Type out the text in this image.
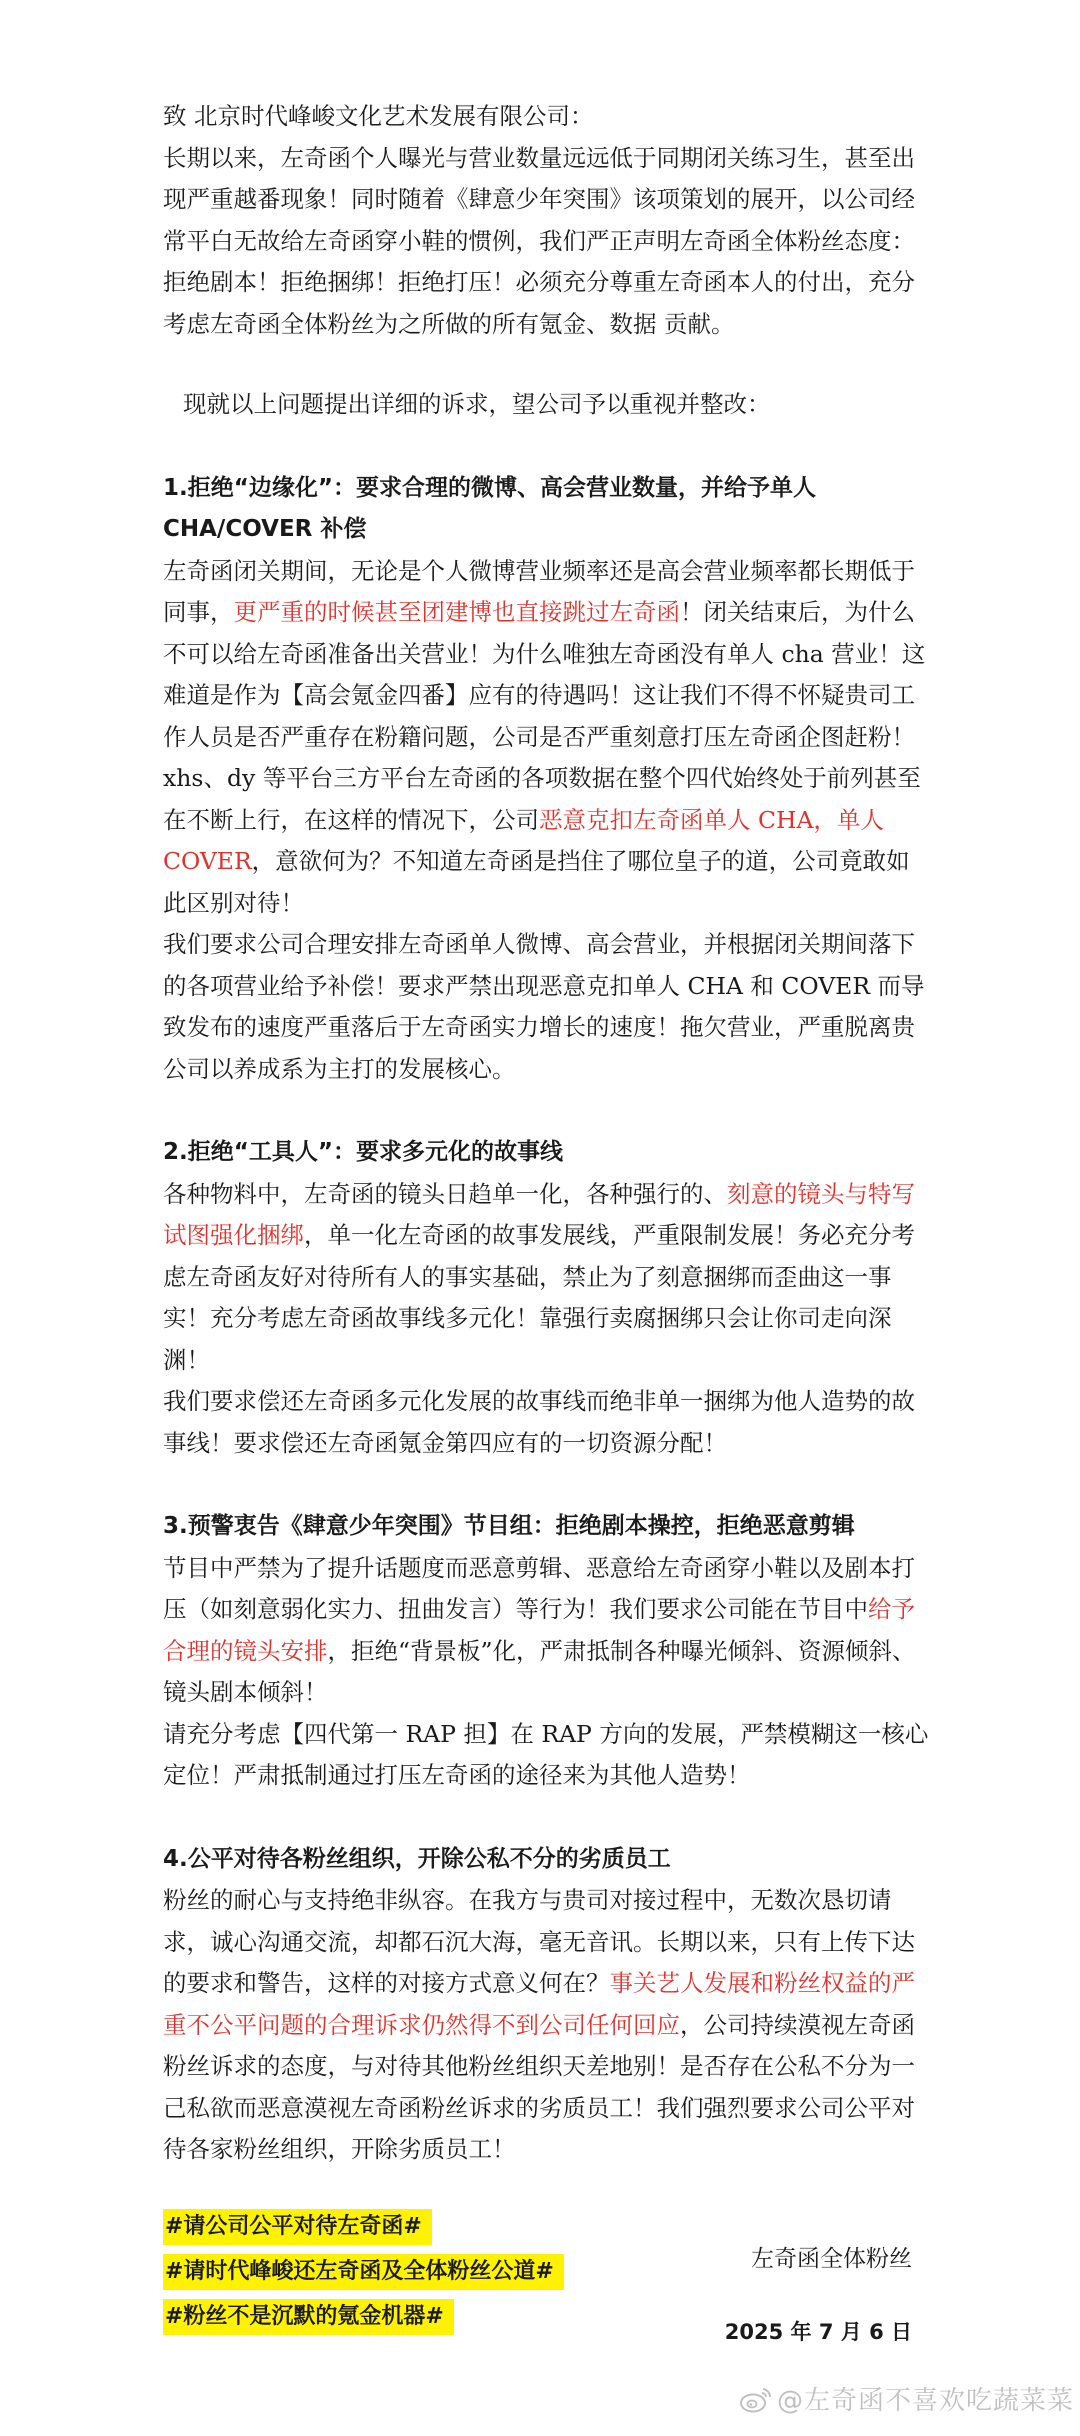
致 北京时代峰峻文化艺术发展有限公司：

长期以来，左奇函个人曝光与营业数量远远低于同期闭关练习生，甚至出现严重越番现象！同时随着《肆意少年突围》该项策划的展开，以公司经常平白无故给左奇函穿小鞋的惯例，我们严正声明左奇函全体粉丝态度：拒绝剧本！拒绝捆绑！拒绝打压！必须充分尊重左奇函本人的付出，充分考虑左奇函全体粉丝为之所做的所有氪金、数据 贡献。

现就以上问题提出详细的诉求，望公司予以重视并整改：

1.拒绝“边缘化”：要求合理的微博、高会营业数量，并给予单人 CHA/COVER 补偿

左奇函闭关期间，无论是个人微博营业频率还是高会营业频率都长期低于同事，更严重的时候甚至团建博也直接跳过左奇函！闭关结束后，为什么不可以给左奇函准备出关营业！为什么唯独左奇函没有单人 cha 营业！这难道是作为【高会氪金四番】应有的待遇吗！这让我们不得不怀疑贵司工作人员是否严重存在粉籍问题，公司是否严重刻意打压左奇函企图赶粉！

xhs、dy 等平台三方平台左奇函的各项数据在整个四代始终处于前列甚至在不断上行，在这样的情况下，公司恶意克扣左奇函单人 CHA，单人 COVER，意欲何为？不知道左奇函是挡住了哪位皇子的道，公司竟敢如此区别对待！

我们要求公司合理安排左奇函单人微博、高会营业，并根据闭关期间落下的各项营业给予补偿！要求严禁出现恶意克扣单人 CHA 和 COVER 而导致发布的速度严重落后于左奇函实力增长的速度！拖欠营业，严重脱离贵公司以养成系为主打的发展核心。

2.拒绝“工具人”：要求多元化的故事线

各种物料中，左奇函的镜头日趋单一化，各种强行的、刻意的镜头与特写试图强化捆绑，单一化左奇函的故事发展线，严重限制发展！务必充分考虑左奇函友好对待所有人的事实基础，禁止为了刻意捆绑而歪曲这一事实！充分考虑左奇函故事线多元化！靠强行卖腐捆绑只会让你司走向深渊！

我们要求偿还左奇函多元化发展的故事线而绝非单一捆绑为他人造势的故事线！要求偿还左奇函氪金第四应有的一切资源分配！

3.预警衷告《肆意少年突围》节目组：拒绝剧本操控，拒绝恶意剪辑

节目中严禁为了提升话题度而恶意剪辑、恶意给左奇函穿小鞋以及剧本打压（如刻意弱化实力、扭曲发言）等行为！我们要求公司能在节目中给予合理的镜头安排，拒绝“背景板”化，严肃抵制各种曝光倾斜、资源倾斜、镜头剧本倾斜！

请充分考虑【四代第一 RAP 担】在 RAP 方向的发展，严禁模糊这一核心定位！严肃抵制通过打压左奇函的途径来为其他人造势！

4.公平对待各粉丝组织，开除公私不分的劣质员工

粉丝的耐心与支持绝非纵容。在我方与贵司对接过程中，无数次恳切请求，诚心沟通交流，却都石沉大海，毫无音讯。长期以来，只有上传下达的要求和警告，这样的对接方式意义何在？事关艺人发展和粉丝权益的严重不公平问题的合理诉求仍然得不到公司任何回应，公司持续漠视左奇函粉丝诉求的态度，与对待其他粉丝组织天差地别！是否存在公私不分为一己私欲而恶意漠视左奇函粉丝诉求的劣质员工！我们强烈要求公司公平对待各家粉丝组织，开除劣质员工！

#请公司公平对待左奇函#
#请时代峰峻还左奇函及全体粉丝公道#
#粉丝不是沉默的氪金机器#
左奇函全体粉丝
2025 年 7 月 6 日
@左奇函不喜欢吃蔬菜菜
